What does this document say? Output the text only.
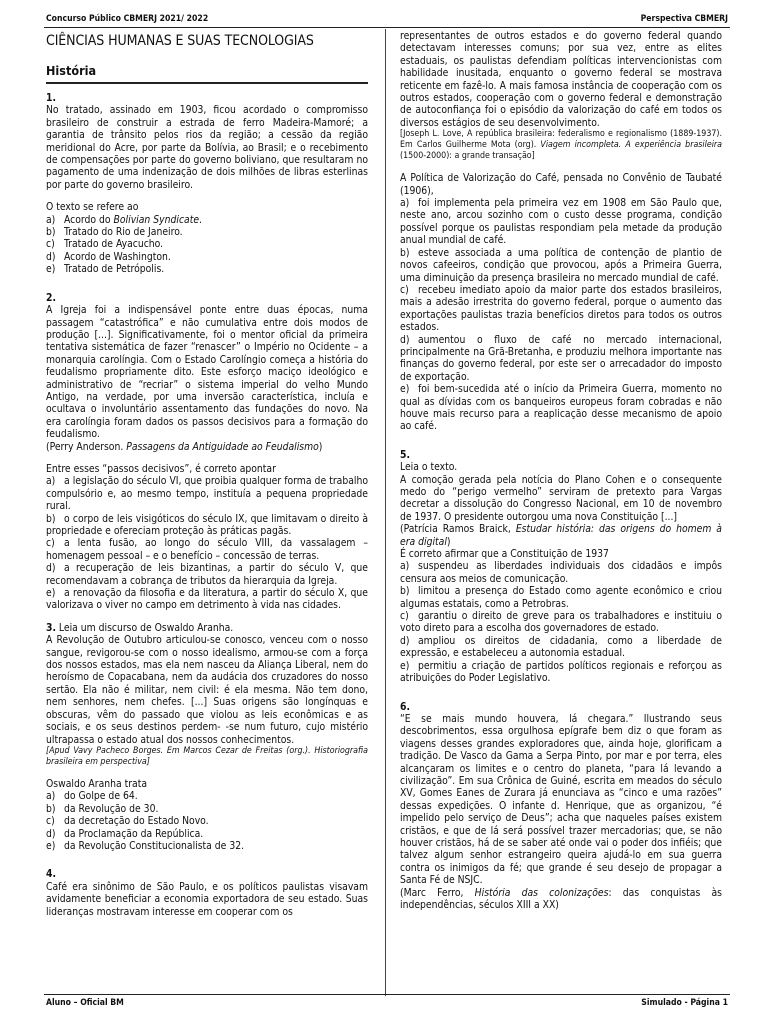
Concurso Público CBMERJ 2021/ 2022	Perspectiva CBMERJ
CIÊNCIAS HUMANAS E SUAS TECNOLOGIAS
História
1.
No tratado, assinado em 1903, ficou acordado o compromisso brasileiro de construir a estrada de ferro Madeira-Mamoré; a garantia de trânsito pelos rios da região; a cessão da região meridional do Acre, por parte da Bolívia, ao Brasil; e o recebimento de compensações por parte do governo boliviano, que resultaram no pagamento de uma indenização de dois milhões de libras esterlinas por parte do governo brasileiro.
O texto se refere ao
a) Acordo do Bolivian Syndicate.
b) Tratado do Rio de Janeiro.
c) Tratado de Ayacucho.
d) Acordo de Washington.
e) Tratado de Petrópolis.
2.
A Igreja foi a indispensável ponte entre duas épocas, numa passagem “catastrófica” e não cumulativa entre dois modos de produção [...]. Significativamente, foi o mentor oficial da primeira tentativa sistemática de fazer “renascer” o Império no Ocidente – a monarquia carolíngia. Com o Estado Carolíngio começa a história do feudalismo propriamente dito. Este esforço maciço ideológico e administrativo de “recriar” o sistema imperial do velho Mundo Antigo, na verdade, por uma inversão característica, incluía e ocultava o involuntário assentamento das fundações do novo. Na era carolíngia foram dados os passos decisivos para a formação do feudalismo.
(Perry Anderson. Passagens da Antiguidade ao Feudalismo)
Entre esses “passos decisivos”, é correto apontar
a) a legislação do século VI, que proibia qualquer forma de trabalho compulsório e, ao mesmo tempo, instituía a pequena propriedade rural.
b) o corpo de leis visigóticos do século IX, que limitavam o direito à propriedade e ofereciam proteção às práticas pagãs.
c) a lenta fusão, ao longo do século VIII, da vassalagem – homenagem pessoal – e o benefício – concessão de terras.
d) a recuperação de leis bizantinas, a partir do século V, que recomendavam a cobrança de tributos da hierarquia da Igreja.
e) a renovação da filosofia e da literatura, a partir do século X, que valorizava o viver no campo em detrimento à vida nas cidades.
3. Leia um discurso de Oswaldo Aranha.
A Revolução de Outubro articulou-se conosco, venceu com o nosso sangue, revigorou-se com o nosso idealismo, armou-se com a força dos nossos estados, mas ela nem nasceu da Aliança Liberal, nem do heroísmo de Copacabana, nem da audácia dos cruzadores do nosso sertão. Ela não é militar, nem civil: é ela mesma. Não tem dono, nem senhores, nem chefes. [...] Suas origens são longínquas e obscuras, vêm do passado que violou as leis econômicas e as sociais, e os seus destinos perdem- -se num futuro, cujo mistério ultrapassa o estado atual dos nossos conhecimentos.
[Apud Vavy Pacheco Borges. Em Marcos Cezar de Freitas (org.). Historiografia brasileira em perspectiva]
Oswaldo Aranha trata
a) do Golpe de 64.
b) da Revolução de 30.
c) da decretação do Estado Novo.
d) da Proclamação da República.
e) da Revolução Constitucionalista de 32.
4.
Café era sinônimo de São Paulo, e os políticos paulistas visavam avidamente beneficiar a economia exportadora de seu estado. Suas lideranças mostravam interesse em cooperar com os
representantes de outros estados e do governo federal quando detectavam interesses comuns; por sua vez, entre as elites estaduais, os paulistas defendiam políticas intervencionistas com habilidade inusitada, enquanto o governo federal se mostrava reticente em fazê-lo. A mais famosa instância de cooperação com os outros estados, cooperação com o governo federal e demonstração de autoconfiança foi o episódio da valorização do café em todos os diversos estágios de seu desenvolvimento.
[Joseph L. Love, A república brasileira: federalismo e regionalismo (1889-1937). Em Carlos Guilherme Mota (org). Viagem incompleta. A experiência brasileira (1500-2000): a grande transação]
A Política de Valorização do Café, pensada no Convênio de Taubaté (1906),
a) foi implementa pela primeira vez em 1908 em São Paulo que, neste ano, arcou sozinho com o custo desse programa, condição possível porque os paulistas respondiam pela metade da produção anual mundial de café.
b) esteve associada a uma política de contenção de plantio de novos cafeeiros, condição que provocou, após a Primeira Guerra, uma diminuição da presença brasileira no mercado mundial de café.
c) recebeu imediato apoio da maior parte dos estados brasileiros, mais a adesão irrestrita do governo federal, porque o aumento das exportações paulistas trazia benefícios diretos para todos os outros estados.
d) aumentou o fluxo de café no mercado internacional, principalmente na Grã-Bretanha, e produziu melhora importante nas finanças do governo federal, por este ser o arrecadador do imposto de exportação.
e) foi bem-sucedida até o início da Primeira Guerra, momento no qual as dívidas com os banqueiros europeus foram cobradas e não houve mais recurso para a reaplicação desse mecanismo de apoio ao café.
5.
Leia o texto.
A comoção gerada pela notícia do Plano Cohen e o consequente medo do “perigo vermelho” serviram de pretexto para Vargas decretar a dissolução do Congresso Nacional, em 10 de novembro de 1937. O presidente outorgou uma nova Constituição [...]
(Patrícia Ramos Braick, Estudar história: das origens do homem à era digital)
É correto afirmar que a Constituição de 1937
a) suspendeu as liberdades individuais dos cidadãos e impôs censura aos meios de comunicação.
b) limitou a presença do Estado como agente econômico e criou algumas estatais, como a Petrobras.
c) garantiu o direito de greve para os trabalhadores e instituiu o voto direto para a escolha dos governadores de estado.
d) ampliou os direitos de cidadania, como a liberdade de expressão, e estabeleceu a autonomia estadual.
e) permitiu a criação de partidos políticos regionais e reforçou as atribuições do Poder Legislativo.
6.
“E se mais mundo houvera, lá chegara.” Ilustrando seus descobrimentos, essa orgulhosa epígrafe bem diz o que foram as viagens desses grandes exploradores que, ainda hoje, glorificam a tradição. De Vasco da Gama a Serpa Pinto, por mar e por terra, eles alcançaram os limites e o centro do planeta, “para lá levando a civilização”. Em sua Crônica de Guiné, escrita em meados do século XV, Gomes Eanes de Zurara já enunciava as “cinco e uma razões” dessas expedições. O infante d. Henrique, que as organizou, “é impelido pelo serviço de Deus”; acha que naqueles países existem cristãos, e que de lá será possível trazer mercadorias; que, se não houver cristãos, há de se saber até onde vai o poder dos infiéis; que talvez algum senhor estrangeiro queira ajudá-lo em sua guerra contra os inimigos da fé; que grande é seu desejo de propagar a Santa Fé de NSJC.
(Marc Ferro, História das colonizações: das conquistas às independências, séculos XIII a XX)
Aluno – Oficial BM	Simulado - Página 1
